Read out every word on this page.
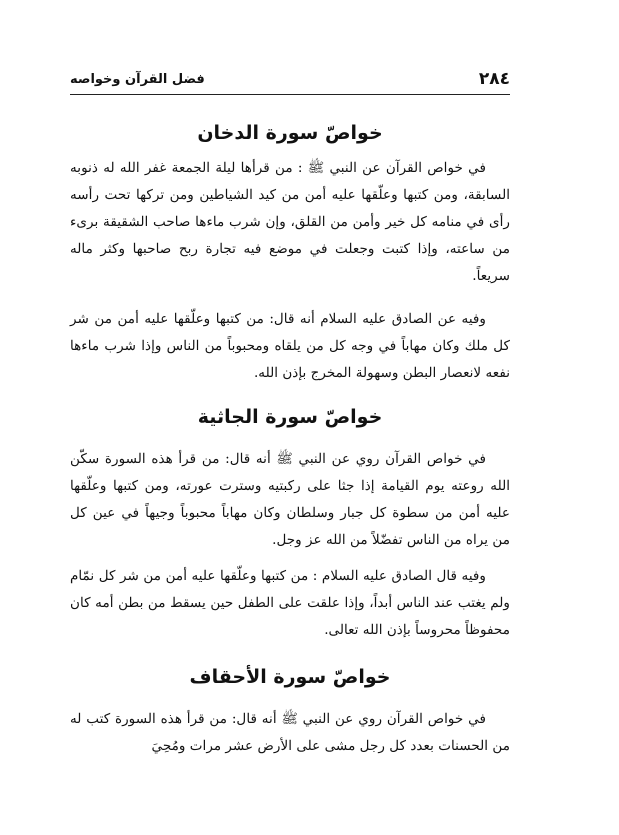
٢٨٤
فضل القرآن وخواصه
خواصّ سورة الدخان

في خواص القرآن عن النبي ﷺ : من قرأها ليلة الجمعة غفر الله له ذنوبه السابقة، ومن كتبها وعلّقها عليه أمن من كيد الشياطين ومن تركها تحت رأسه رأى في منامه كل خير وأمن من القلق، وإن شرب ماءها صاحب الشقيقة برىء من ساعته، وإذا كتبت وجعلت في موضع فيه تجارة ربح صاحبها وكثر ماله سريعاً.

وفيه عن الصادق عليه السلام أنه قال: من كتبها وعلّقها عليه أمن من شر كل ملك وكان مهاباً في وجه كل من يلقاه ومحبوباً من الناس وإذا شرب ماءها نفعه لانعصار البطن وسهولة المخرج بإذن الله.

خواصّ سورة الجاثية

في خواص القرآن روي عن النبي ﷺ أنه قال: من قرأ هذه السورة سكّن الله روعته يوم القيامة إذا جثا على ركبتيه وسترت عورته، ومن كتبها وعلّقها عليه أمن من سطوة كل جبار وسلطان وكان مهاباً محبوباً وجيهاً في عين كل من يراه من الناس تفضّلاً من الله عز وجل.

وفيه قال الصادق عليه السلام : من كتبها وعلّقها عليه أمن من شر كل نمّام ولم يغتب عند الناس أبداً، وإذا علقت على الطفل حين يسقط من بطن أمه كان محفوظاً محروساً بإذن الله تعالى.

خواصّ سورة الأحقاف

في خواص القرآن روي عن النبي ﷺ أنه قال: من قرأ هذه السورة كتب له من الحسنات بعدد كل رجل مشى على الأرض عشر مرات ومُحِيَ
